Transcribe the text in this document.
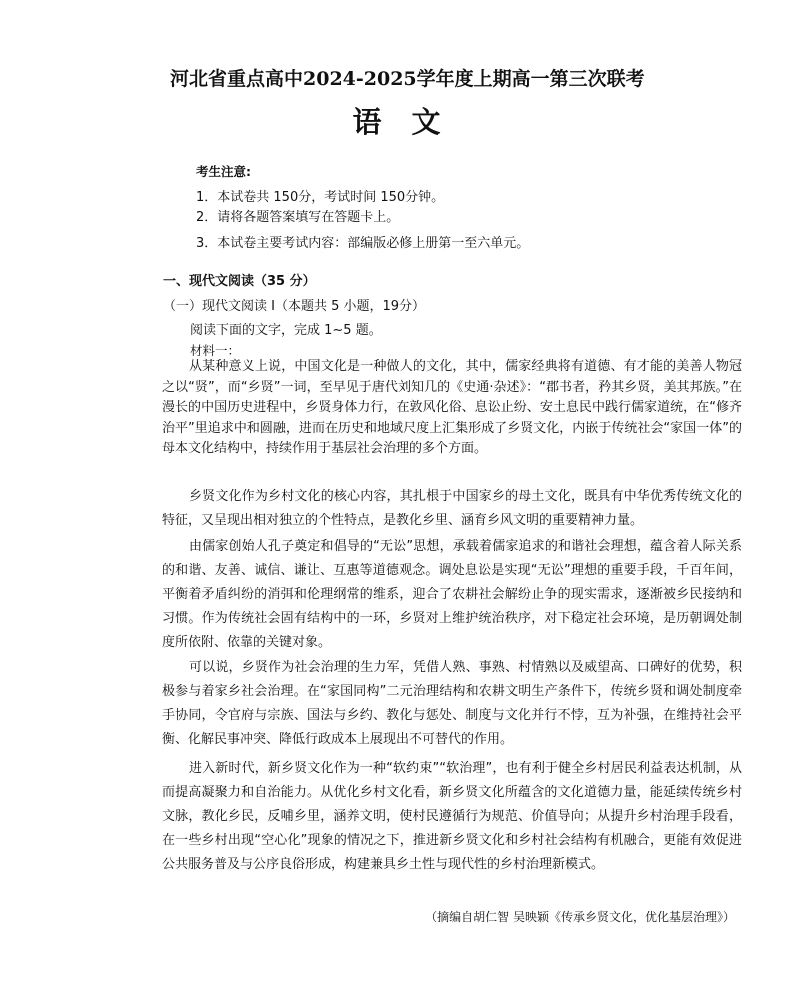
河北省重点高中2024-2025学年度上期高一第三次联考
语文
考生注意:
1．本试卷共 150分，考试时间 150分钟。
2．请将各题答案填写在答题卡上。
3．本试卷主要考试内容：部编版必修上册第一至六单元。
一、现代文阅读（35 分）
（一）现代文阅读 I（本题共 5 小题，19分）
阅读下面的文字，完成 1~5 题。
材料一：

从某种意义上说，中国文化是一种做人的文化，其中，儒家经典将有道德、有才能的美善人物冠之以“贤”，而“乡贤”一词，至早见于唐代刘知几的《史通·杂述》：“郡书者，矜其乡贤，美其邦族。”在漫长的中国历史进程中，乡贤身体力行，在敦风化俗、息讼止纷、安土息民中践行儒家道统，在“修齐治平”里追求中和圆融，进而在历史和地域尺度上汇集形成了乡贤文化，内嵌于传统社会“家国一体”的母本文化结构中，持续作用于基层社会治理的多个方面。

乡贤文化作为乡村文化的核心内容，其扎根于中国家乡的母土文化，既具有中华优秀传统文化的特征，又呈现出相对独立的个性特点，是教化乡里、涵育乡风文明的重要精神力量。

由儒家创始人孔子奠定和倡导的“无讼”思想，承载着儒家追求的和谐社会理想，蕴含着人际关系的和谐、友善、诚信、谦让、互惠等道德观念。调处息讼是实现“无讼”理想的重要手段，千百年间，平衡着矛盾纠纷的消弭和伦理纲常的维系，迎合了农耕社会解纷止争的现实需求，逐渐被乡民接纳和习惯。作为传统社会固有结构中的一环，乡贤对上维护统治秩序，对下稳定社会环境，是历朝调处制度所依附、依靠的关键对象。

可以说，乡贤作为社会治理的生力军，凭借人熟、事熟、村情熟以及威望高、口碑好的优势，积极参与着家乡社会治理。在“家国同构”二元治理结构和农耕文明生产条件下，传统乡贤和调处制度牵手协同，令官府与宗族、国法与乡约、教化与惩处、制度与文化并行不悖，互为补强，在维持社会平衡、化解民事冲突、降低行政成本上展现出不可替代的作用。

进入新时代，新乡贤文化作为一种“软约束”“软治理”，也有利于健全乡村居民利益表达机制，从而提高凝聚力和自治能力。从优化乡村文化看，新乡贤文化所蕴含的文化道德力量，能延续传统乡村文脉，教化乡民，反哺乡里，涵养文明，使村民遵循行为规范、价值导向；从提升乡村治理手段看，在一些乡村出现“空心化”现象的情况之下，推进新乡贤文化和乡村社会结构有机融合，更能有效促进公共服务普及与公序良俗形成，构建兼具乡土性与现代性的乡村治理新模式。

（摘编自胡仁智 吴映颖《传承乡贤文化，优化基层治理》）
